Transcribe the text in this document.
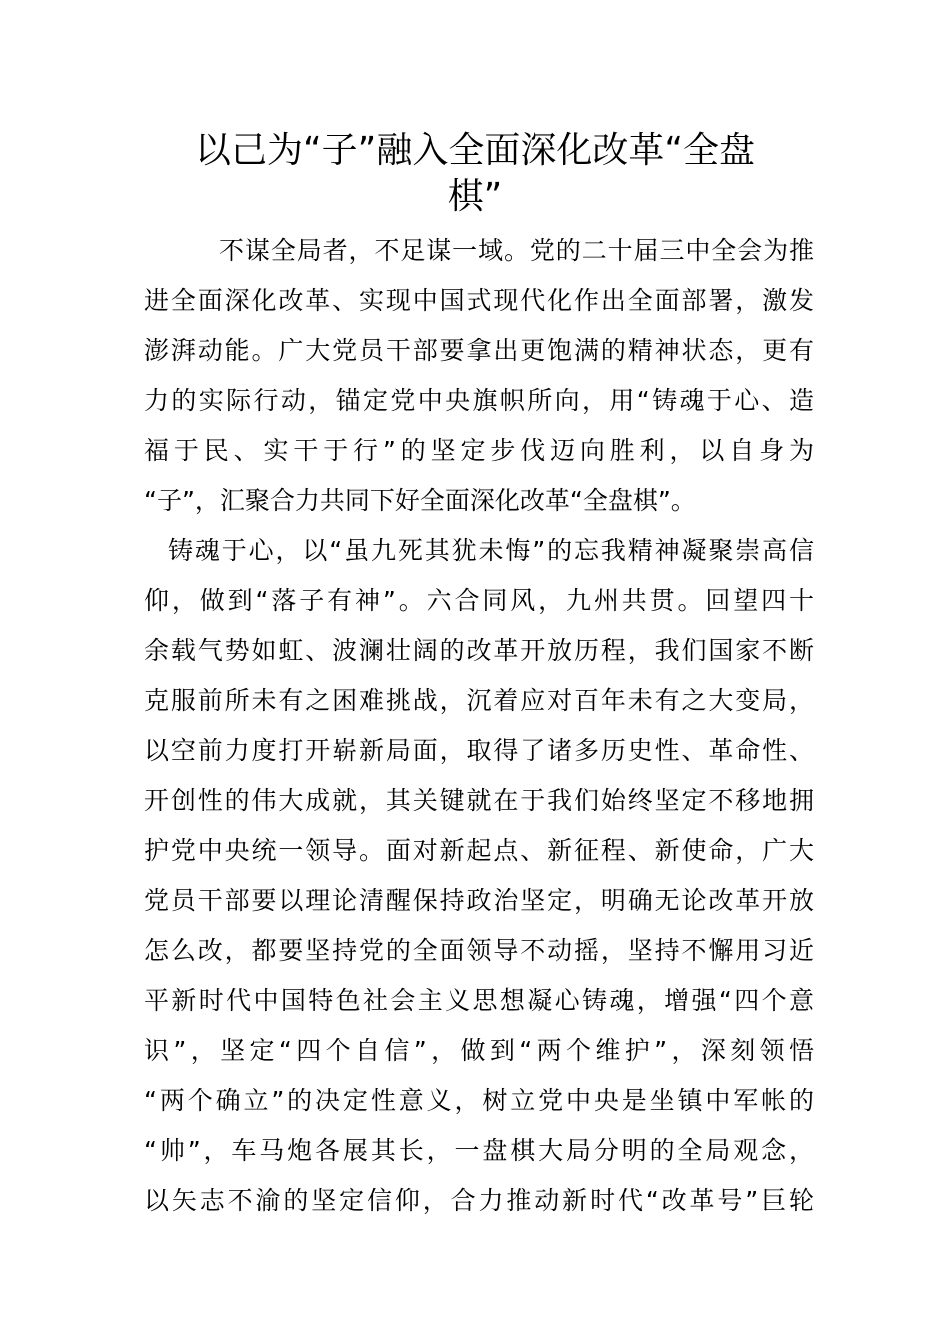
以己为“子”融入全面深化改革“全盘
棋”
不谋全局者，不足谋一域。党的二十届三中全会为推
进全面深化改革、实现中国式现代化作出全面部署，激发
澎湃动能。广大党员干部要拿出更饱满的精神状态，更有
力的实际行动，锚定党中央旗帜所向，用“铸魂于心、造
福于民、实干于行”的坚定步伐迈向胜利，以自身为
“子”，汇聚合力共同下好全面深化改革“全盘棋”。
铸魂于心，以“虽九死其犹未悔”的忘我精神凝聚崇高信
仰，做到“落子有神”。六合同风，九州共贯。回望四十
余载气势如虹、波澜壮阔的改革开放历程，我们国家不断
克服前所未有之困难挑战，沉着应对百年未有之大变局，
以空前力度打开崭新局面，取得了诸多历史性、革命性、
开创性的伟大成就，其关键就在于我们始终坚定不移地拥
护党中央统一领导。面对新起点、新征程、新使命，广大
党员干部要以理论清醒保持政治坚定，明确无论改革开放
怎么改，都要坚持党的全面领导不动摇，坚持不懈用习近
平新时代中国特色社会主义思想凝心铸魂，增强“四个意
识”，坚定“四个自信”，做到“两个维护”，深刻领悟
“两个确立”的决定性意义，树立党中央是坐镇中军帐的
“帅”，车马炮各展其长，一盘棋大局分明的全局观念，
以矢志不渝的坚定信仰，合力推动新时代“改革号”巨轮
